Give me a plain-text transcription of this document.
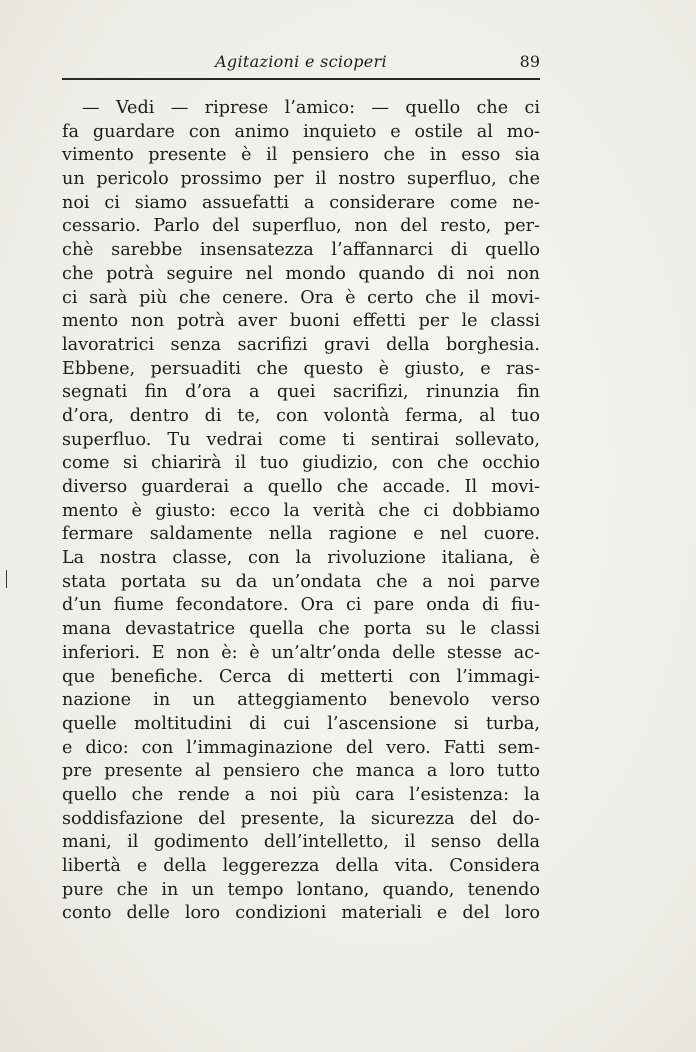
Agitazioni e scioperi	89
— Vedi — riprese l’amico: — quello che ci
fa guardare con animo inquieto e ostile al mo-
vimento presente è il pensiero che in esso sia
un pericolo prossimo per il nostro superfluo, che
noi ci siamo assuefatti a considerare come ne-
cessario. Parlo del superfluo, non del resto, per-
chè sarebbe insensatezza l’affannarci di quello
che potrà seguire nel mondo quando di noi non
ci sarà più che cenere. Ora è certo che il movi-
mento non potrà aver buoni effetti per le classi
lavoratrici senza sacrifizi gravi della borghesia.
Ebbene, persuaditi che questo è giusto, e ras-
segnati fin d’ora a quei sacrifizi, rinunzia fin
d’ora, dentro di te, con volontà ferma, al tuo
superfluo. Tu vedrai come ti sentirai sollevato,
come si chiarirà il tuo giudizio, con che occhio
diverso guarderai a quello che accade. Il movi-
mento è giusto: ecco la verità che ci dobbiamo
fermare saldamente nella ragione e nel cuore.
La nostra classe, con la rivoluzione italiana, è
stata portata su da un’ondata che a noi parve
d’un fiume fecondatore. Ora ci pare onda di fiu-
mana devastatrice quella che porta su le classi
inferiori. E non è: è un’altr’onda delle stesse ac-
que benefiche. Cerca di metterti con l’immagi-
nazione in un atteggiamento benevolo verso
quelle moltitudini di cui l’ascensione si turba,
e dico: con l’immaginazione del vero. Fatti sem-
pre presente al pensiero che manca a loro tutto
quello che rende a noi più cara l’esistenza: la
soddisfazione del presente, la sicurezza del do-
mani, il godimento dell’intelletto, il senso della
libertà e della leggerezza della vita. Considera
pure che in un tempo lontano, quando, tenendo
conto delle loro condizioni materiali e del loro
